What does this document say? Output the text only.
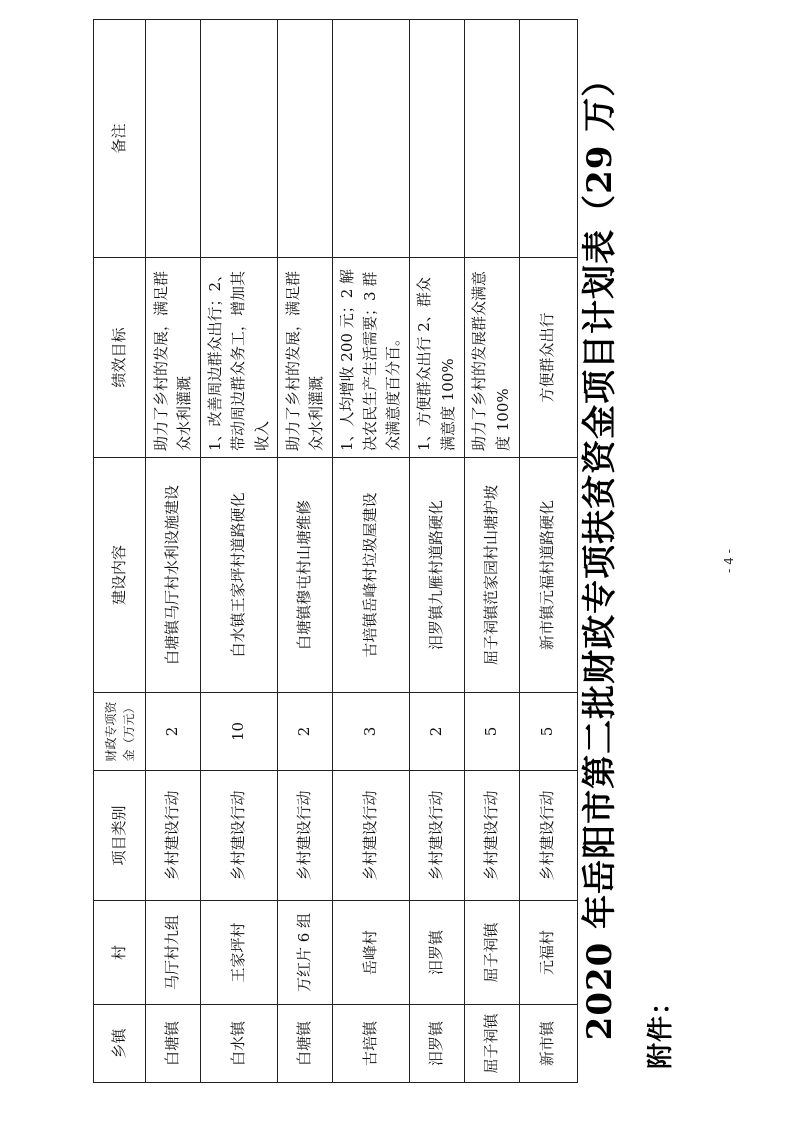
附件：
2020 年岳阳市第二批财政专项扶贫资金项目计划表（29 万）
乡镇	村	项目类别	财政专项资金（万元）	建设内容	绩效目标	备注
白塘镇	马厅村九组	乡村建设行动	2	白塘镇马厅村水利设施建设	助力了乡村的发展，满足群众水利灌溉	
白水镇	王家坪村	乡村建设行动	10	白水镇王家坪村道路硬化	1、改善周边群众出行；2、带动周边群众务工，增加其收入	
白塘镇	万红片 6 组	乡村建设行动	2	白塘镇穆屯村山塘维修	助力了乡村的发展，满足群众水利灌溉	
古培镇	岳峰村	乡村建设行动	3	古培镇岳峰村垃圾屋建设	1、人均增收 200 元；2 解决农民生产生活需要；3 群众满意度百分百。	
汨罗镇	汨罗镇	乡村建设行动	2	汨罗镇九雁村道路硬化	1、方便群众出行 2、群众满意度 100%	
屈子祠镇	屈子祠镇	乡村建设行动	5	屈子祠镇范家园村山塘护坡	助力了乡村的发展群众满意度 100%	
新市镇	元福村	乡村建设行动	5	新市镇元福村道路硬化	方便群众出行	
- 4 -
